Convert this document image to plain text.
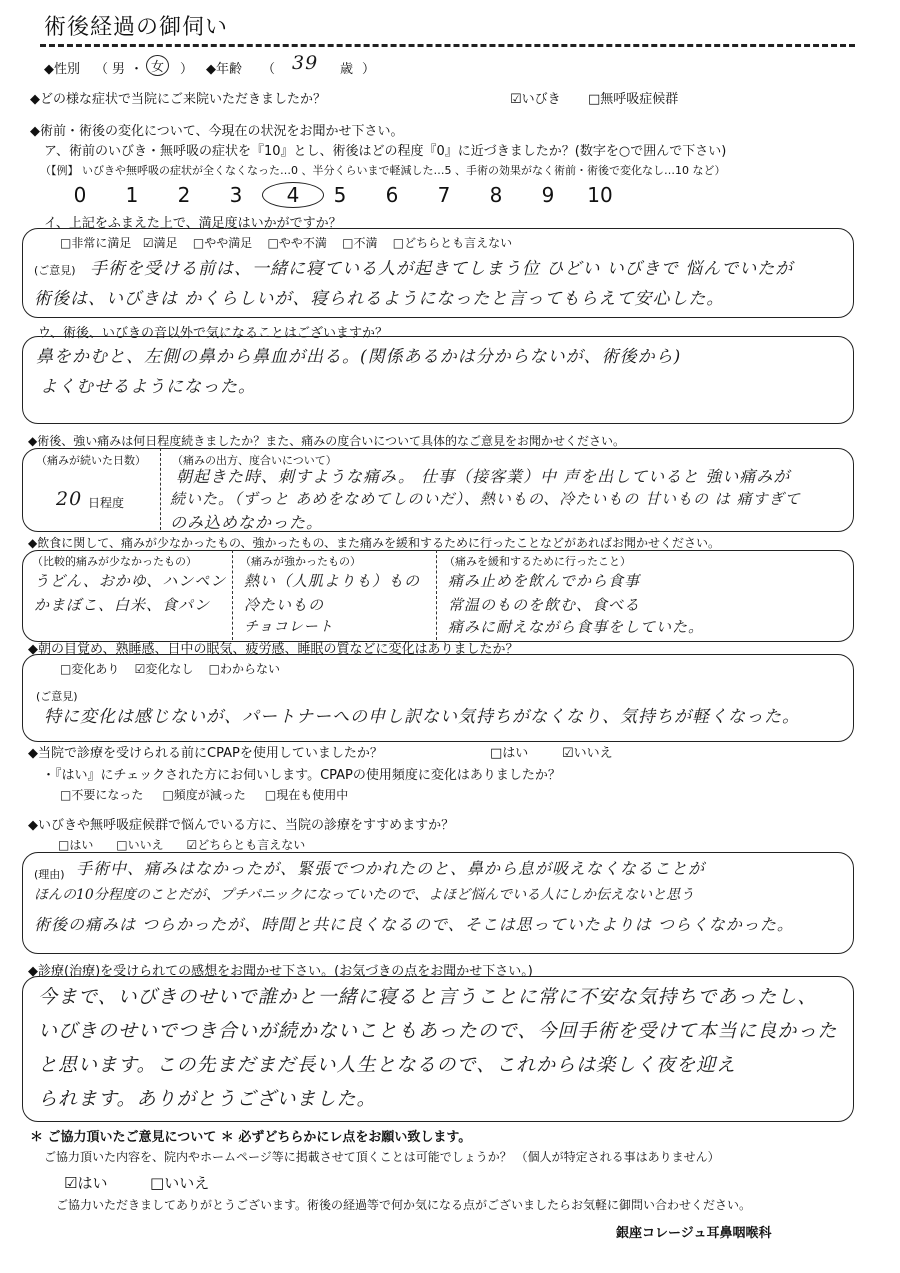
術後経過の御伺い
◆性別 （ 男 ・ 女	） ◆年齢 （ 39 歳 ）
◆どの様な症状で当院にご来院いただきましたか？	☑いびき □無呼吸症候群
◆術前・術後の変化について、今現在の状況をお聞かせ下さい。
ア、術前のいびき・無呼吸の症状を『10』とし、術後はどの程度『0』に近づきましたか？(数字を○で囲んで下さい)
（【例】 いびきや無呼吸の症状が全くなくなった…0 、半分くらいまで軽減した…5 、手術の効果がなく術前・術後で変化なし…10 など）
0 1 2 3 4 5 6 7 8 9 10
イ、上記をふまえた上で、満足度はいかがですか？
□非常に満足 ☑満足 □やや満足 □やや不満 □不満 □どちらとも言えない
(ご意見) 手術を受ける前は、一緒に寝ている人が起きてしまう位 ひどい いびきで 悩んでいたが
術後は、いびきは かくらしいが、寝られるようになったと言ってもらえて安心した。
ウ、術後、いびきの音以外で気になることはございますか？
鼻をかむと、左側の鼻から鼻血が出る。(関係あるかは分からないが、術後から)
よくむせるようになった。
◆術後、強い痛みは何日程度続きましたか？また、痛みの度合いについて具体的なご意見をお聞かせください。
（痛みが続いた日数）
20 日程度
（痛みの出方、度合いについて）
朝起きた時、刺すような痛み。 仕事（接客業）中 声を出していると 強い痛みが
続いた。（ずっと あめをなめてしのいだ）、熱いもの、冷たいもの 甘いもの は 痛すぎて
のみ込めなかった。
◆飲食に関して、痛みが少なかったもの、強かったもの、また痛みを緩和するために行ったことなどがあればお聞かせください。
（比較的痛みが少なかったもの）
うどん、おかゆ、ハンペン
かまぼこ、白米、食パン
（痛みが強かったもの）
熱い（人肌よりも）もの
冷たいもの
チョコレート
（痛みを緩和するために行ったこと）
痛み止めを飲んでから食事
常温のものを飲む、食べる
痛みに耐えながら食事をしていた。
◆朝の目覚め、熟睡感、日中の眠気、疲労感、睡眠の質などに変化はありましたか？
□変化あり ☑変化なし □わからない
(ご意見)
特に変化は感じないが、パートナーへの申し訳ない気持ちがなくなり、気持ちが軽くなった。
◆当院で診療を受けられる前にCPAPを使用していましたか？	□はい	☑いいえ
・『はい』にチェックされた方にお伺いします。CPAPの使用頻度に変化はありましたか？
□不要になった □頻度が減った □現在も使用中
◆いびきや無呼吸症候群で悩んでいる方に、当院の診療をすすめますか？
□はい □いいえ ☑どちらとも言えない
(理由) 手術中、痛みはなかったが、緊張でつかれたのと、鼻から息が吸えなくなることが
ほんの10分程度のことだが、プチパニックになっていたので、よほど悩んでいる人にしか伝えないと思う
術後の痛みは つらかったが、時間と共に良くなるので、そこは思っていたよりは つらくなかった。
◆診療(治療)を受けられての感想をお聞かせ下さい。(お気づきの点をお聞かせ下さい。)
今まで、いびきのせいで誰かと一緒に寝ると言うことに常に不安な気持ちであったし、
いびきのせいでつき合いが続かないこともあったので、今回手術を受けて本当に良かった
と思います。この先まだまだ長い人生となるので、これからは楽しく夜を迎え
られます。ありがとうございました。
＊ ご協力頂いたご意見について ＊ 必ずどちらかにレ点をお願い致します。
ご協力頂いた内容を、院内やホームページ等に掲載させて頂くことは可能でしょうか？ （個人が特定される事はありません）
☑はい	□いいえ
ご協力いただきましてありがとうございます。術後の経過等で何か気になる点がございましたらお気軽に御問い合わせください。
銀座コレージュ耳鼻咽喉科
